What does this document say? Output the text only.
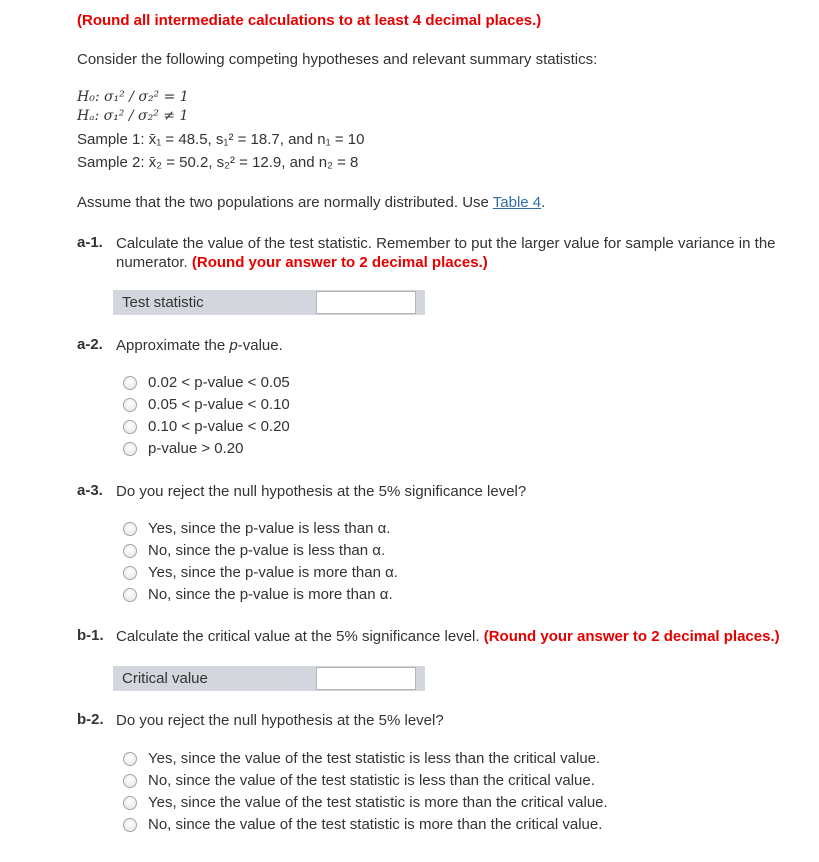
(Round all intermediate calculations to at least 4 decimal places.)
Consider the following competing hypotheses and relevant summary statistics:
H₀: σ₁² / σ₂² = 1
Hₐ: σ₁² / σ₂² ≠ 1
Sample 1: x̄₁ = 48.5, s₁² = 18.7, and n₁ = 10
Sample 2: x̄₂ = 50.2, s₂² = 12.9, and n₂ = 8
Assume that the two populations are normally distributed. Use Table 4.
a-1. Calculate the value of the test statistic. Remember to put the larger value for sample variance in the
numerator. (Round your answer to 2 decimal places.)
Test statistic
a-2. Approximate the p-value.
0.02 < p-value < 0.05
0.05 < p-value < 0.10
0.10 < p-value < 0.20
p-value > 0.20
a-3. Do you reject the null hypothesis at the 5% significance level?
Yes, since the p-value is less than α.
No, since the p-value is less than α.
Yes, since the p-value is more than α.
No, since the p-value is more than α.
b-1. Calculate the critical value at the 5% significance level. (Round your answer to 2 decimal places.)
Critical value
b-2. Do you reject the null hypothesis at the 5% level?
Yes, since the value of the test statistic is less than the critical value.
No, since the value of the test statistic is less than the critical value.
Yes, since the value of the test statistic is more than the critical value.
No, since the value of the test statistic is more than the critical value.
